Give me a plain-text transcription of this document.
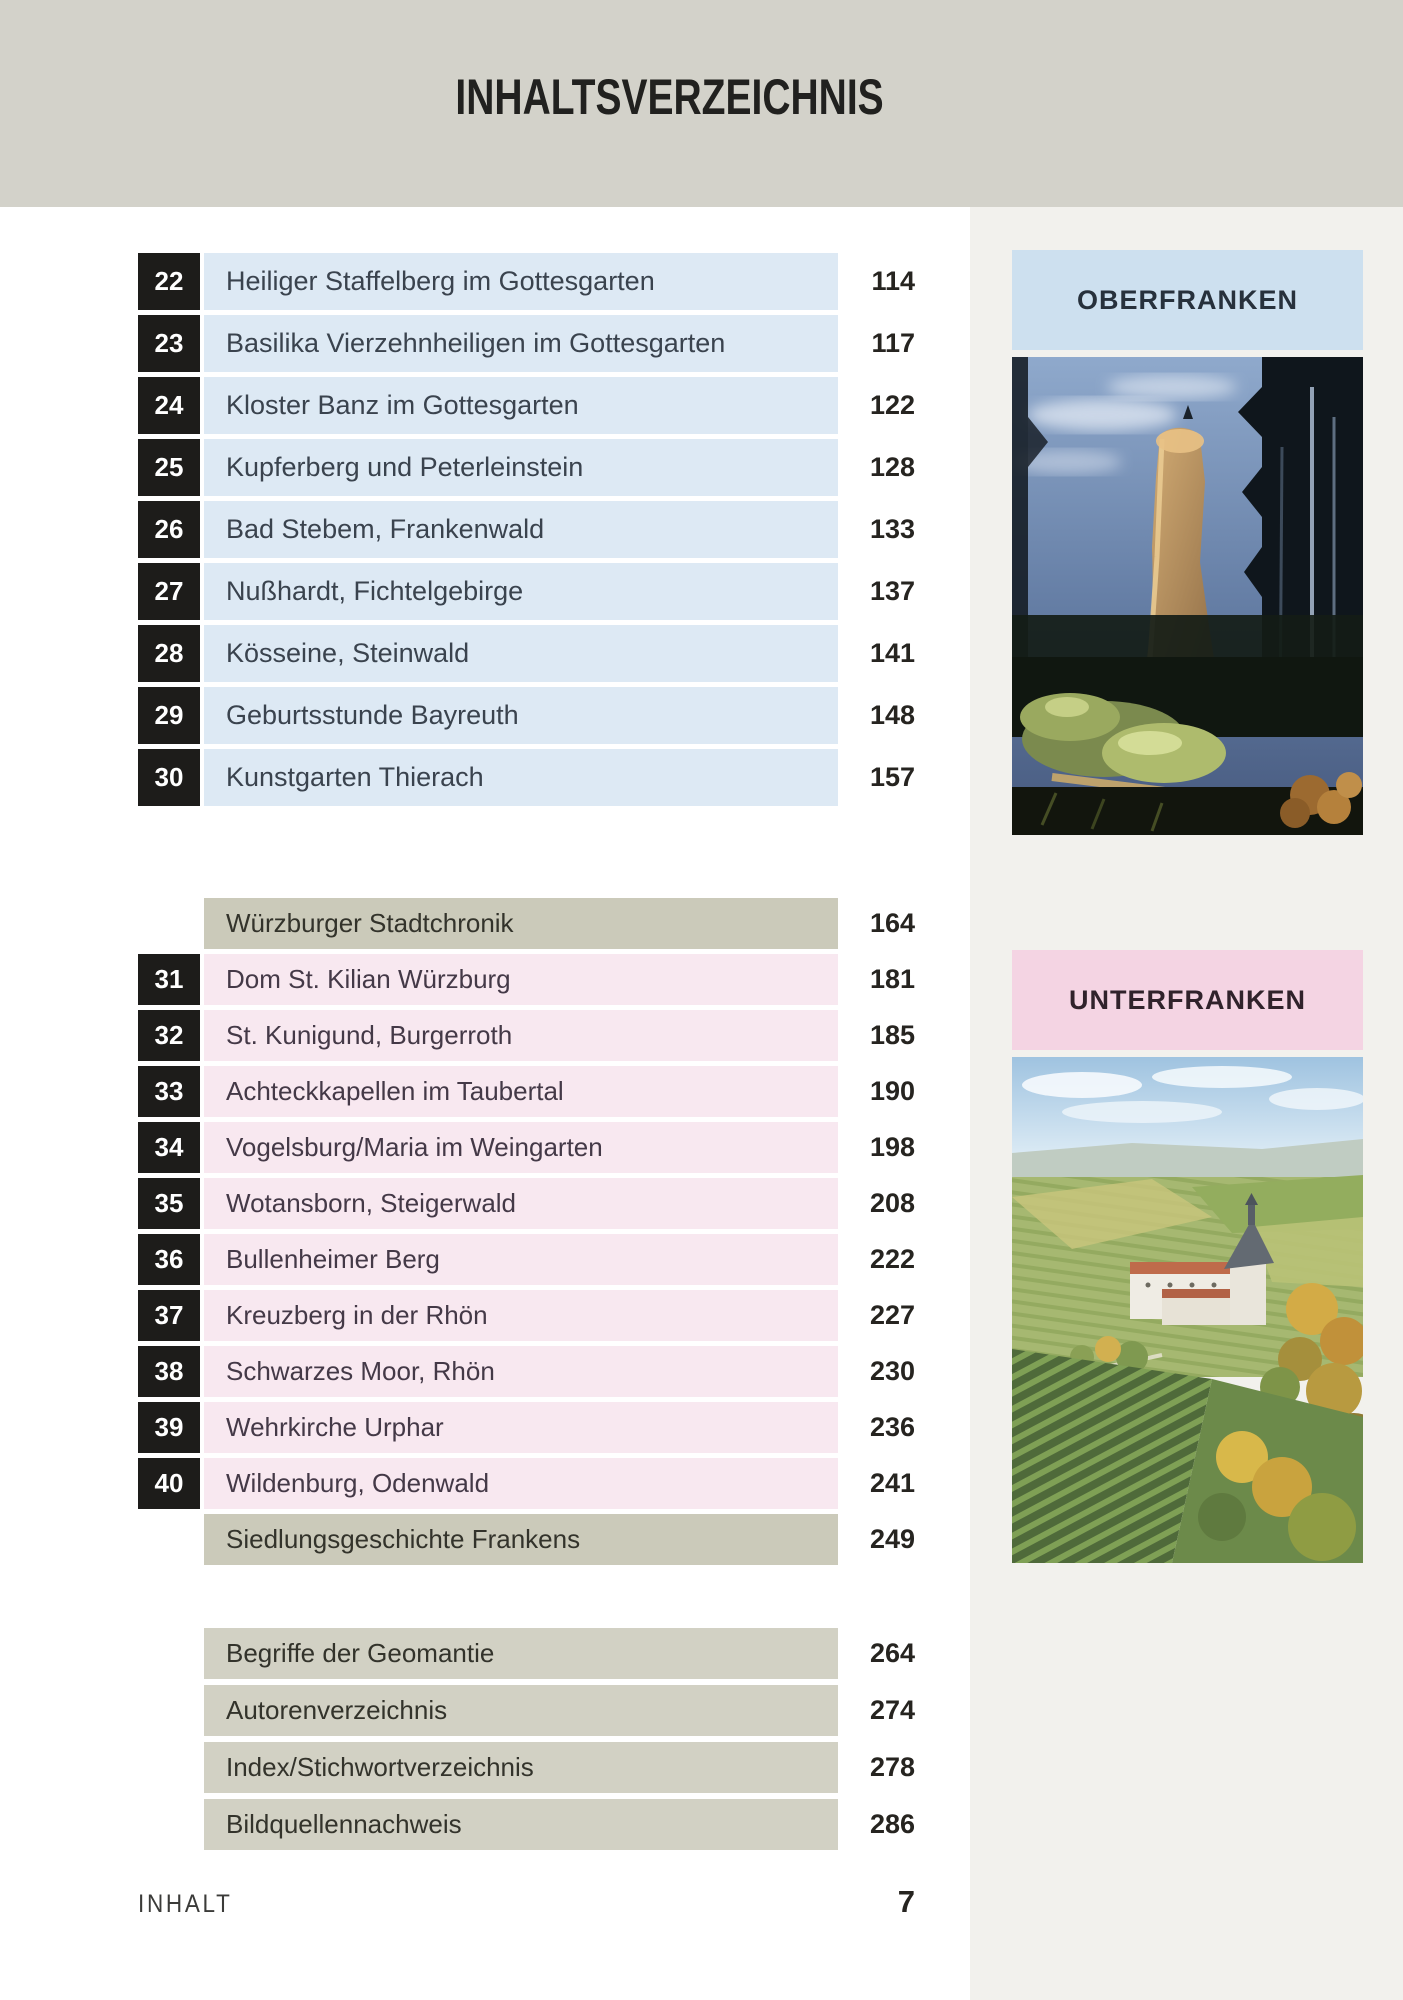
INHALTSVERZEICHNIS
OBERFRANKEN
UNTERFRANKEN
22	Heiliger Staffelberg im Gottesgarten	114
23	Basilika Vierzehnheiligen im Gottesgarten	117
24	Kloster Banz im Gottesgarten	122
25	Kupferberg und Peterleinstein	128
26	Bad Stebem, Frankenwald	133
27	Nußhardt, Fichtelgebirge	137
28	Kösseine, Steinwald	141
29	Geburtsstunde Bayreuth	148
30	Kunstgarten Thierach	157
Würzburger Stadtchronik	164
31	Dom St. Kilian Würzburg	181
32	St. Kunigund, Burgerroth	185
33	Achteckkapellen im Taubertal	190
34	Vogelsburg/Maria im Weingarten	198
35	Wotansborn, Steigerwald	208
36	Bullenheimer Berg	222
37	Kreuzberg in der Rhön	227
38	Schwarzes Moor, Rhön	230
39	Wehrkirche Urphar	236
40	Wildenburg, Odenwald	241
Siedlungsgeschichte Frankens	249
Begriffe der Geomantie	264
Autorenverzeichnis	274
Index/Stichwortverzeichnis	278
Bildquellennachweis	286
INHALT	7
